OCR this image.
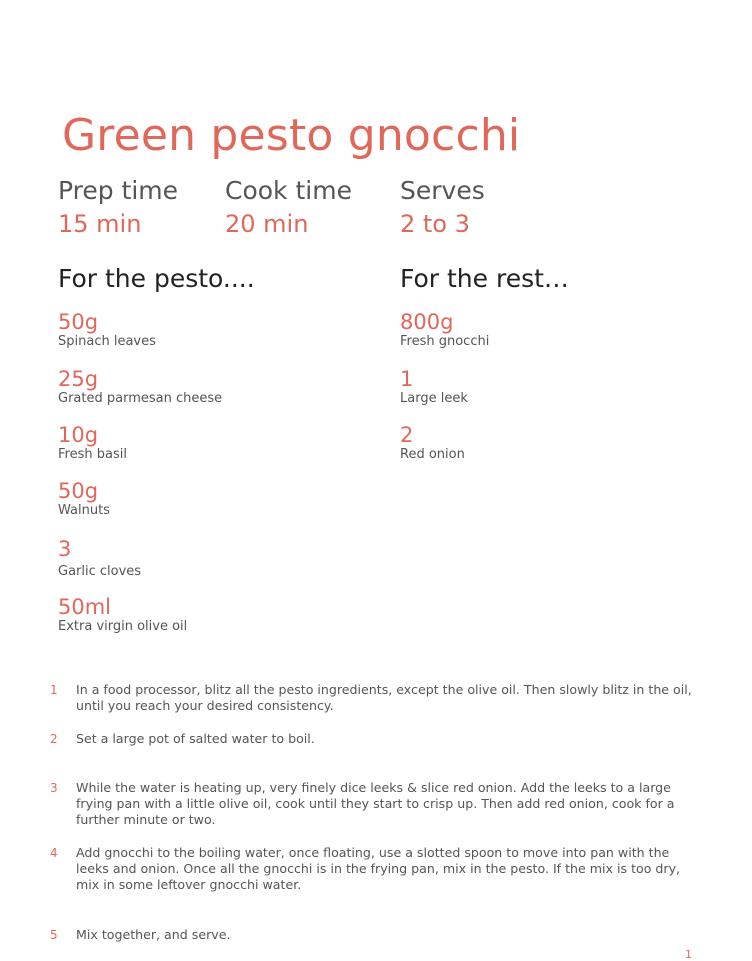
Green pesto gnocchi
Prep time
15 min
Cook time
20 min
Serves
2 to 3
For the pesto....	For the rest…
50g
Spinach leaves
25g
Grated parmesan cheese
10g
Fresh basil
50g
Walnuts
3
Garlic cloves
50ml
Extra virgin olive oil
800g
Fresh gnocchi
1
Large leek
2
Red onion
1	In a food processor, blitz all the pesto ingredients, except the olive oil. Then slowly blitz in the oil, until you reach your desired consistency.
2	Set a large pot of salted water to boil.
3	While the water is heating up, very finely dice leeks & slice red onion. Add the leeks to a large frying pan with a little olive oil, cook until they start to crisp up. Then add red onion, cook for a further minute or two.
4	Add gnocchi to the boiling water, once floating, use a slotted spoon to move into pan with the leeks and onion. Once all the gnocchi is in the frying pan, mix in the pesto. If the mix is too dry, mix in some leftover gnocchi water.
5	Mix together, and serve.
1
